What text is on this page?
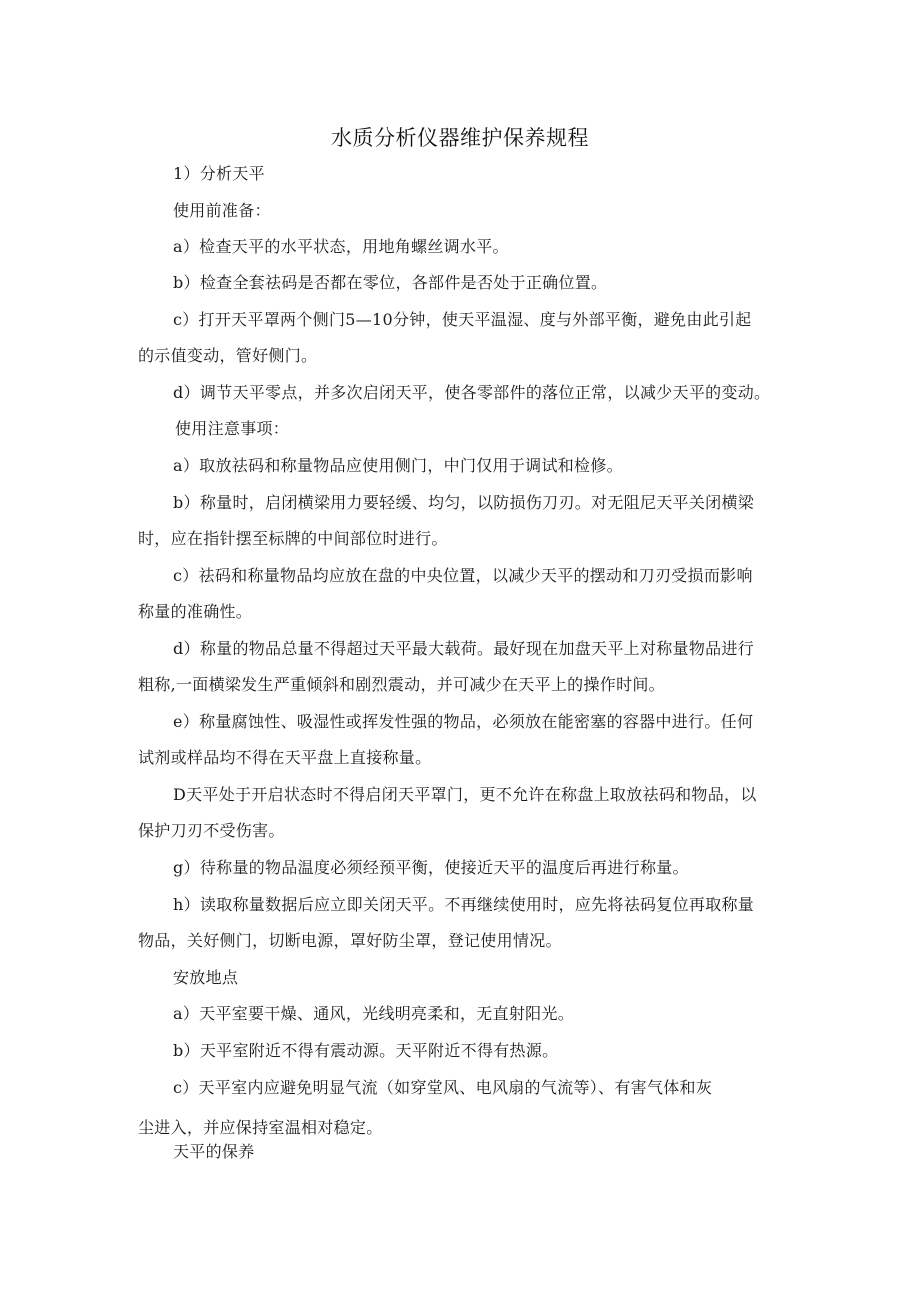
水质分析仪器维护保养规程
1）分析天平
使用前准备：
a）检查天平的水平状态，用地角螺丝调水平。
b）检查全套祛码是否都在零位，各部件是否处于正确位置。
c）打开天平罩两个侧门5—10分钟，使天平温湿、度与外部平衡，避免由此引起
的示值变动，管好侧门。
d）调节天平零点，并多次启闭天平，使各零部件的落位正常，以减少天平的变动。
使用注意事项：
a）取放祛码和称量物品应使用侧门，中门仅用于调试和检修。
b）称量时，启闭横梁用力要轻缓、均匀，以防损伤刀刃。对无阻尼天平关闭横梁
时，应在指针摆至标牌的中间部位时进行。
c）祛码和称量物品均应放在盘的中央位置，以减少天平的摆动和刀刃受损而影响
称量的准确性。
d）称量的物品总量不得超过天平最大载荷。最好现在加盘天平上对称量物品进行
粗称,一面横梁发生严重倾斜和剧烈震动，并可减少在天平上的操作时间。
e）称量腐蚀性、吸湿性或挥发性强的物品，必须放在能密塞的容器中进行。任何
试剂或样品均不得在天平盘上直接称量。
D天平处于开启状态时不得启闭天平罩门，更不允许在称盘上取放祛码和物品，以
保护刀刃不受伤害。
g）待称量的物品温度必须经预平衡，使接近天平的温度后再进行称量。
h）读取称量数据后应立即关闭天平。不再继续使用时，应先将祛码复位再取称量
物品，关好侧门，切断电源，罩好防尘罩，登记使用情况。
安放地点
a）天平室要干燥、通风，光线明亮柔和，无直射阳光。
b）天平室附近不得有震动源。天平附近不得有热源。
c）天平室内应避免明显气流（如穿堂风、电风扇的气流等）、有害气体和灰
尘进入，并应保持室温相对稳定。
天平的保养
